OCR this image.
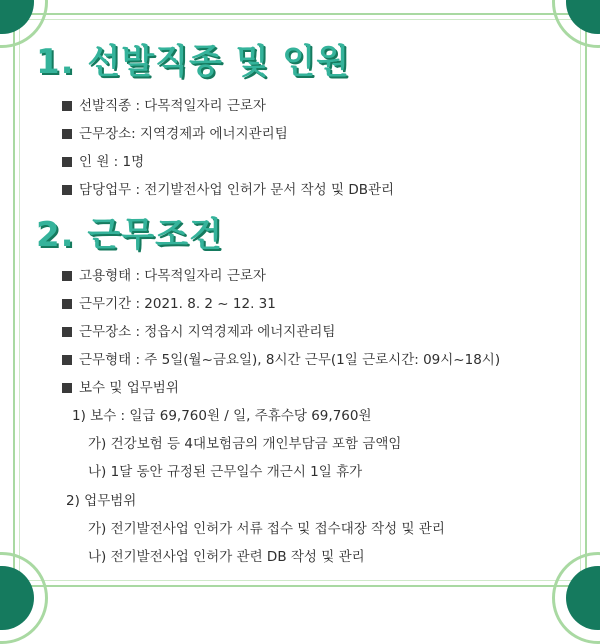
1. 선발직종 및 인원
선발직종 : 다목적일자리 근로자
근무장소: 지역경제과 에너지관리팀
인 원 : 1명
담당업무 : 전기발전사업 인허가 문서 작성 및 DB관리
2. 근무조건
고용형태 : 다목적일자리 근로자
근무기간 : 2021. 8. 2 ~ 12. 31
근무장소 : 정읍시 지역경제과 에너지관리팀
근무형태 : 주 5일(월~금요일), 8시간 근무(1일 근로시간: 09시~18시)
보수 및 업무범위
1) 보수 : 일급 69,760원 / 일, 주휴수당 69,760원
가) 건강보험 등 4대보험금의 개인부담금 포함 금액임
나) 1달 동안 규정된 근무일수 개근시 1일 휴가
2) 업무범위
가) 전기발전사업 인허가 서류 접수 및 접수대장 작성 및 관리
나) 전기발전사업 인허가 관련 DB 작성 및 관리
